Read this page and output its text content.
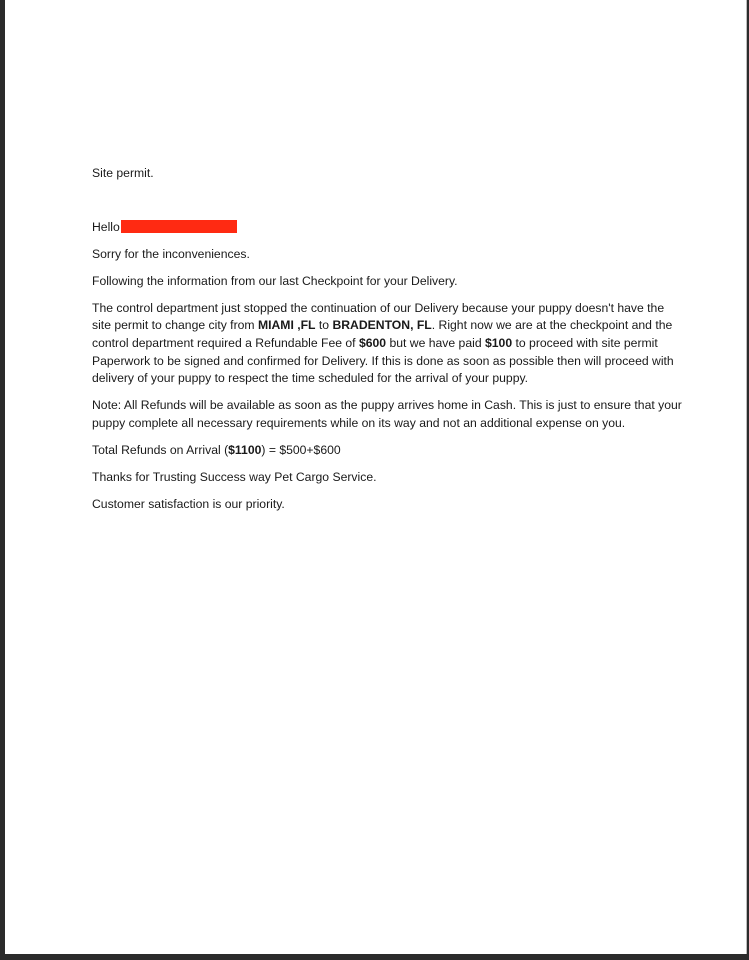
Site permit.

Hello

Sorry for the inconveniences.

Following the information from our last Checkpoint for your Delivery.

The control department just stopped the continuation of our Delivery because your puppy doesn't have the site permit to change city from MIAMI ,FL to BRADENTON, FL. Right now we are at the checkpoint and the control department required a Refundable Fee of $600 but we have paid $100 to proceed with site permit Paperwork to be signed and confirmed for Delivery. If this is done as soon as possible then will proceed with delivery of your puppy to respect the time scheduled for the arrival of your puppy.

Note: All Refunds will be available as soon as the puppy arrives home in Cash. This is just to ensure that your puppy complete all necessary requirements while on its way and not an additional expense on you.

Total Refunds on Arrival ($1100) = $500+$600

Thanks for Trusting Success way Pet Cargo Service.

Customer satisfaction is our priority.
